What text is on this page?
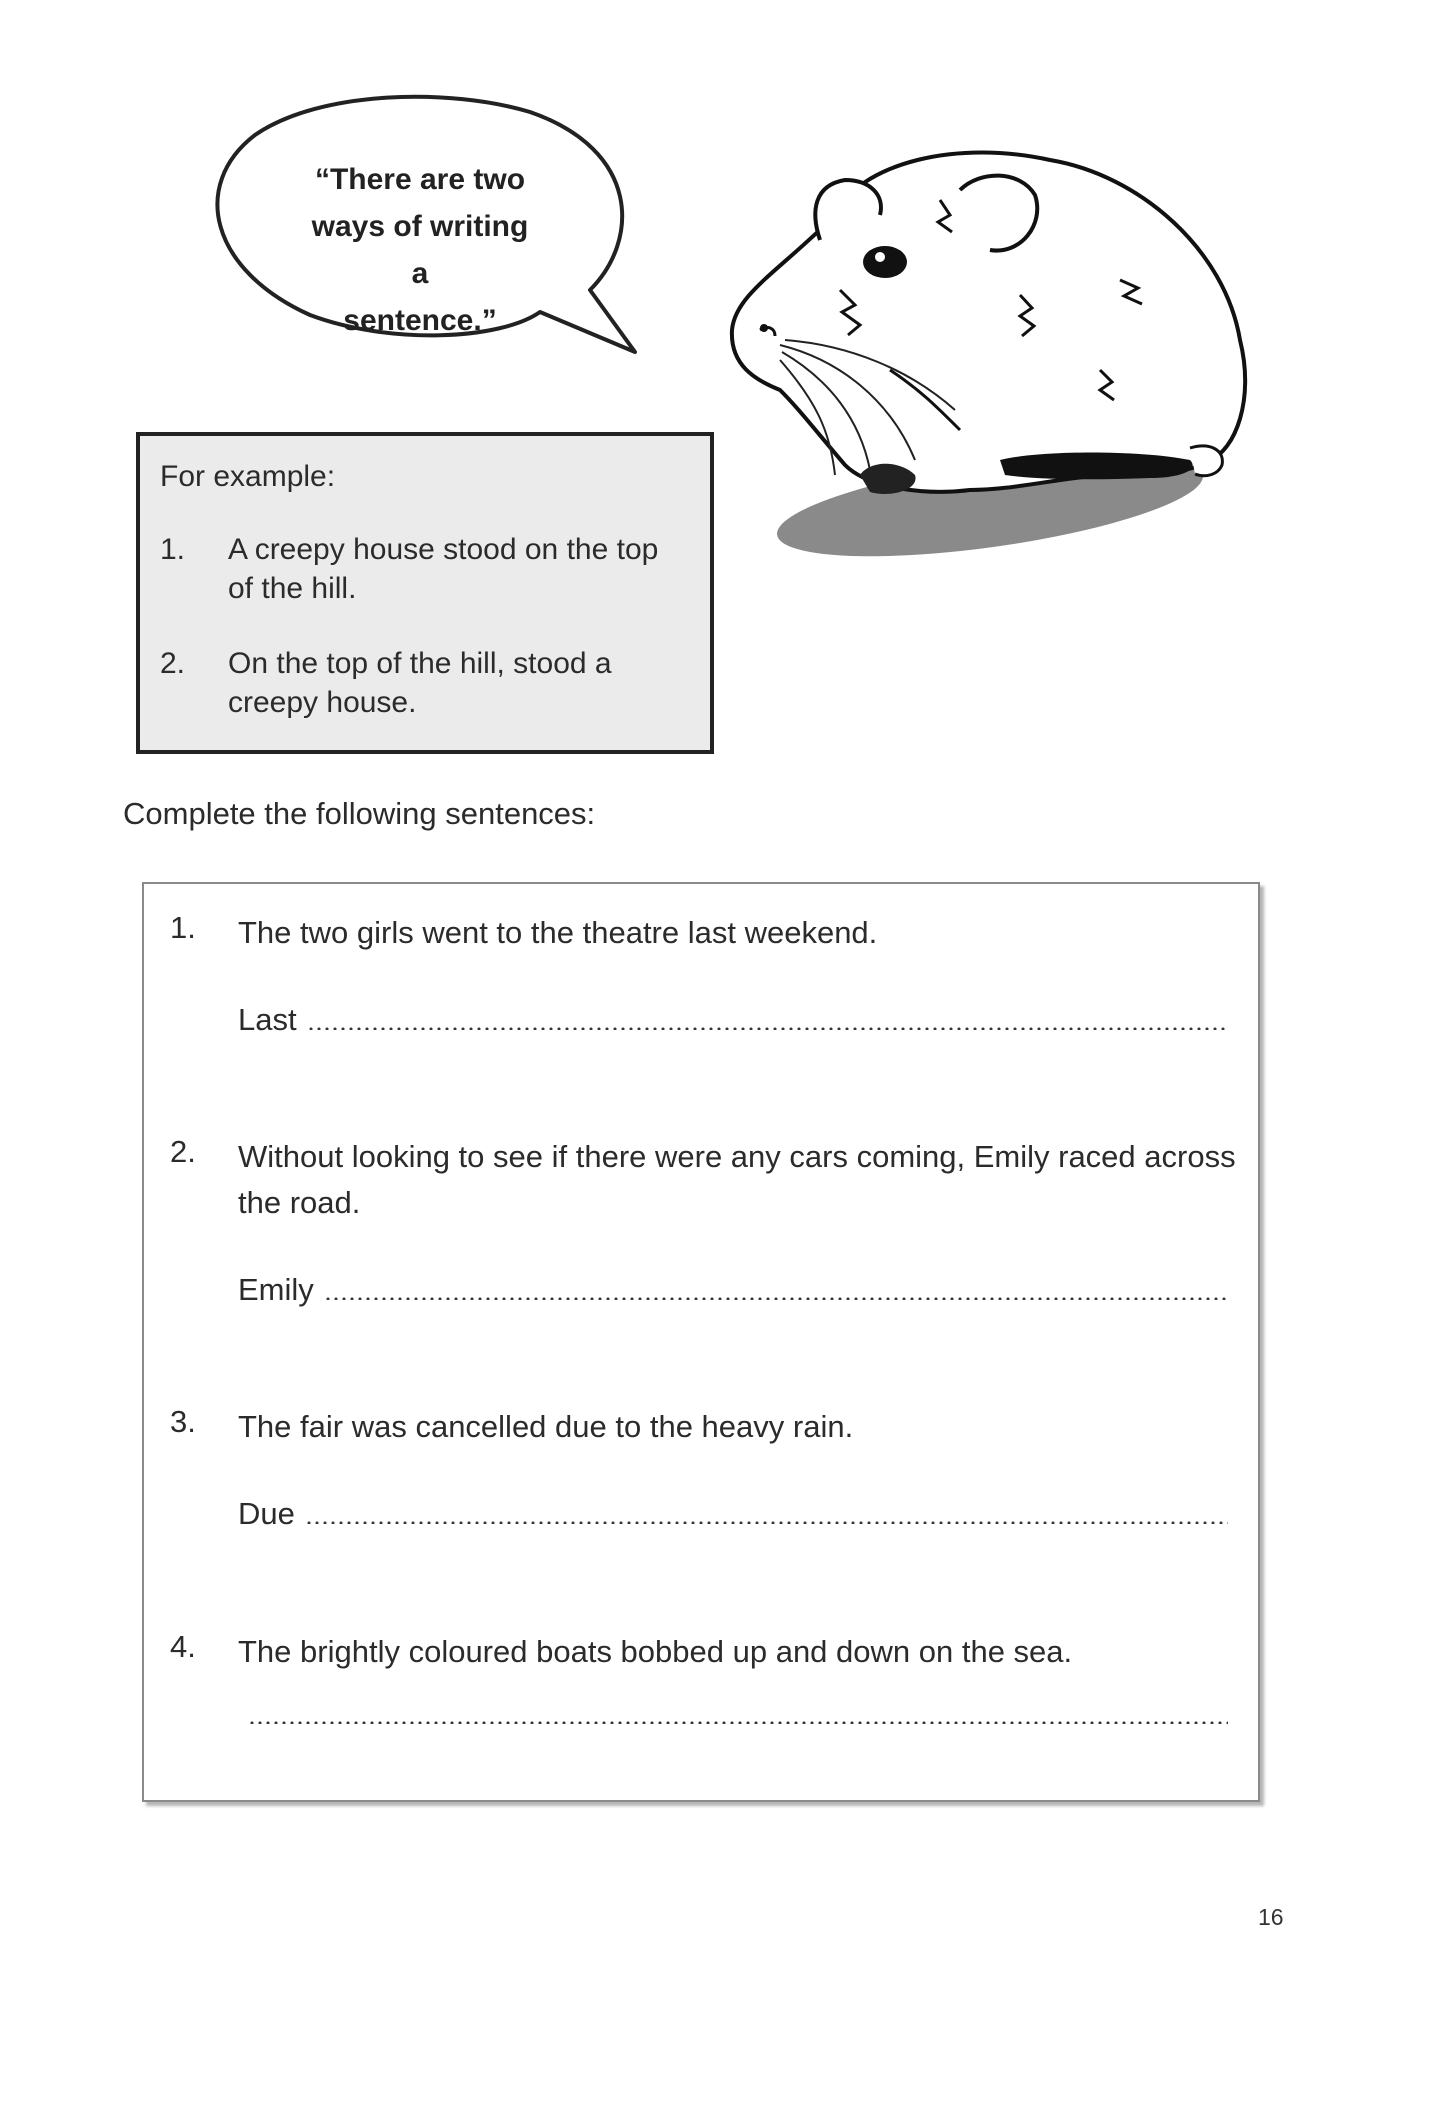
“There are two
ways of writing a
sentence.”
For example:
1.	A creepy house stood on the top of the hill.
2.	On the top of the hill, stood a creepy house.
Complete the following sentences:
1. The two girls went to the theatre last weekend.
Last
2. Without looking to see if there were any cars coming, Emily raced across the road.
Emily
3. The fair was cancelled due to the heavy rain.
Due
4. The brightly coloured boats bobbed up and down on the sea.
16
